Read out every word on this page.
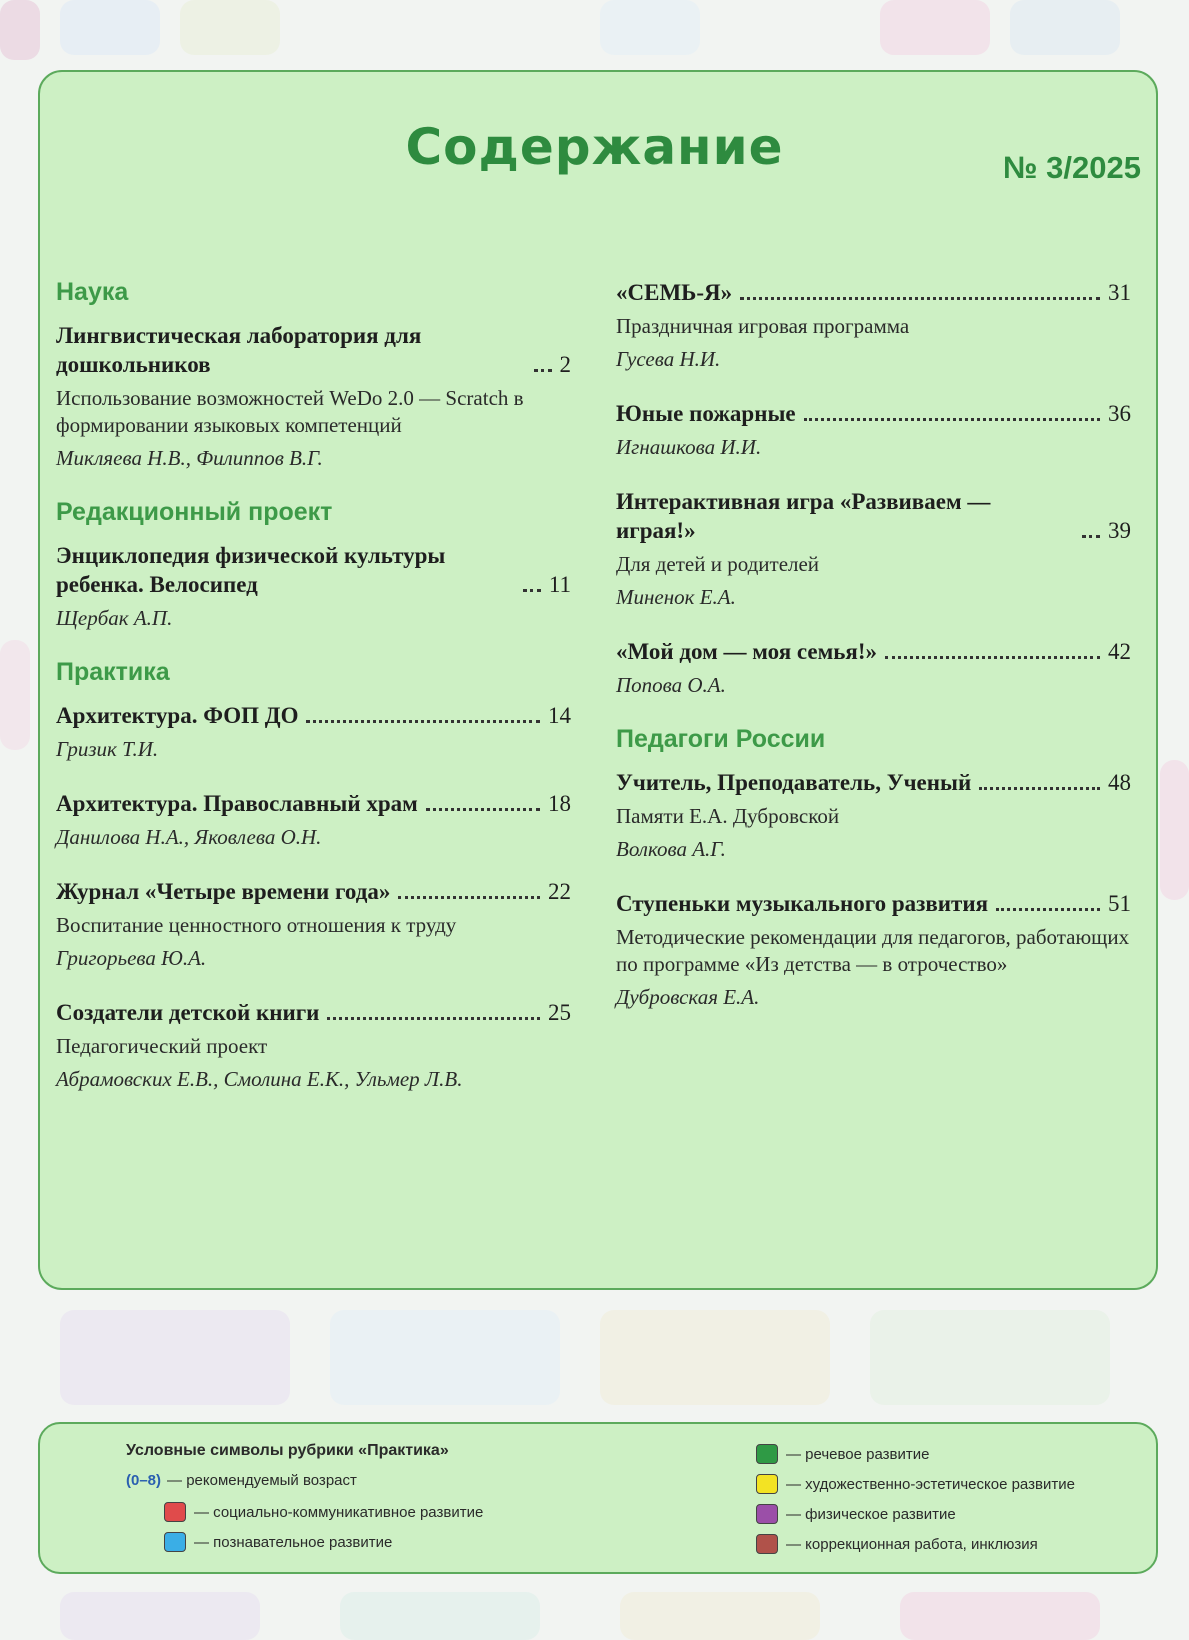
Содержание	№ 3/2025
Наука
Лингвистическая лаборатория для дошкольников	2
Использование возможностей WeDo 2.0 — Scratch в формировании языковых компетенций
Микляева Н.В., Филиппов В.Г.
Редакционный проект
Энциклопедия физической культуры ребенка. Велосипед	11
Щербак А.П.
Практика
Архитектура. ФОП ДО	14
Гризик Т.И.
Архитектура. Православный храм	18
Данилова Н.А., Яковлева О.Н.
Журнал «Четыре времени года»	22
Воспитание ценностного отношения к труду
Григорьева Ю.А.
Создатели детской книги	25
Педагогический проект
Абрамовских Е.В., Смолина Е.К., Ульмер Л.В.
«СЕМЬ-Я»	31
Праздничная игровая программа
Гусева Н.И.
Юные пожарные	36
Игнашкова И.И.
Интерактивная игра «Развиваем — играя!»	39
Для детей и родителей
Миненок Е.А.
«Мой дом — моя семья!»	42
Попова О.А.
Педагоги России
Учитель, Преподаватель, Ученый	48
Памяти Е.А. Дубровской
Волкова А.Г.
Ступеньки музыкального развития	51
Методические рекомендации для педагогов, работающих по программе «Из детства — в отрочество»
Дубровская Е.А.
Условные символы рубрики «Практика»
(0–8) — рекомендуемый возраст
— социально-коммуникативное развитие
— познавательное развитие
— речевое развитие
— художественно-эстетическое развитие
— физическое развитие
— коррекционная работа, инклюзия
